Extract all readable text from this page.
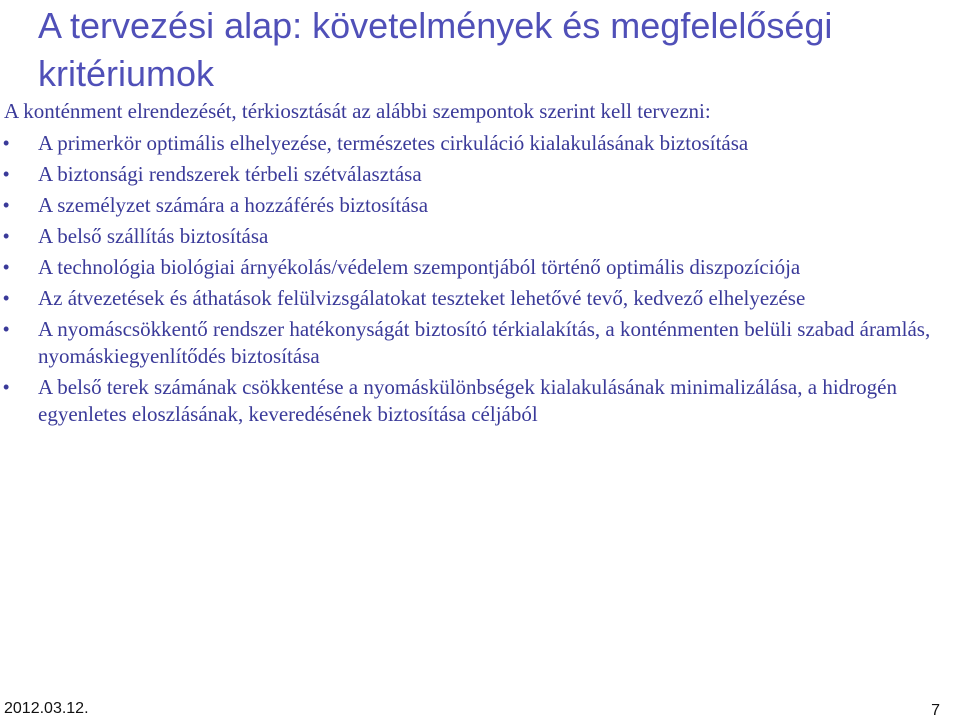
A tervezési alap: követelmények és megfelelőségi kritériumok
A konténment elrendezését, térkiosztását az alábbi szempontok szerint kell tervezni:
• A primerkör optimális elhelyezése, természetes cirkuláció kialakulásának biztosítása
• A biztonsági rendszerek térbeli szétválasztása
• A személyzet számára a hozzáférés biztosítása
• A belső szállítás biztosítása
• A technológia biológiai árnyékolás/védelem szempontjából történő optimális diszpozíciója
• Az átvezetések és áthatások felülvizsgálatokat teszteket lehetővé tevő, kedvező elhelyezése
• A nyomáscsökkentő rendszer hatékonyságát biztosító térkialakítás, a konténmenten belüli szabad áramlás, nyomáskiegyenlítődés biztosítása
• A belső terek számának csökkentése a nyomáskülönbségek kialakulásának minimalizálása, a hidrogén egyenletes eloszlásának, keveredésének biztosítása céljából
2012.03.12.	7
